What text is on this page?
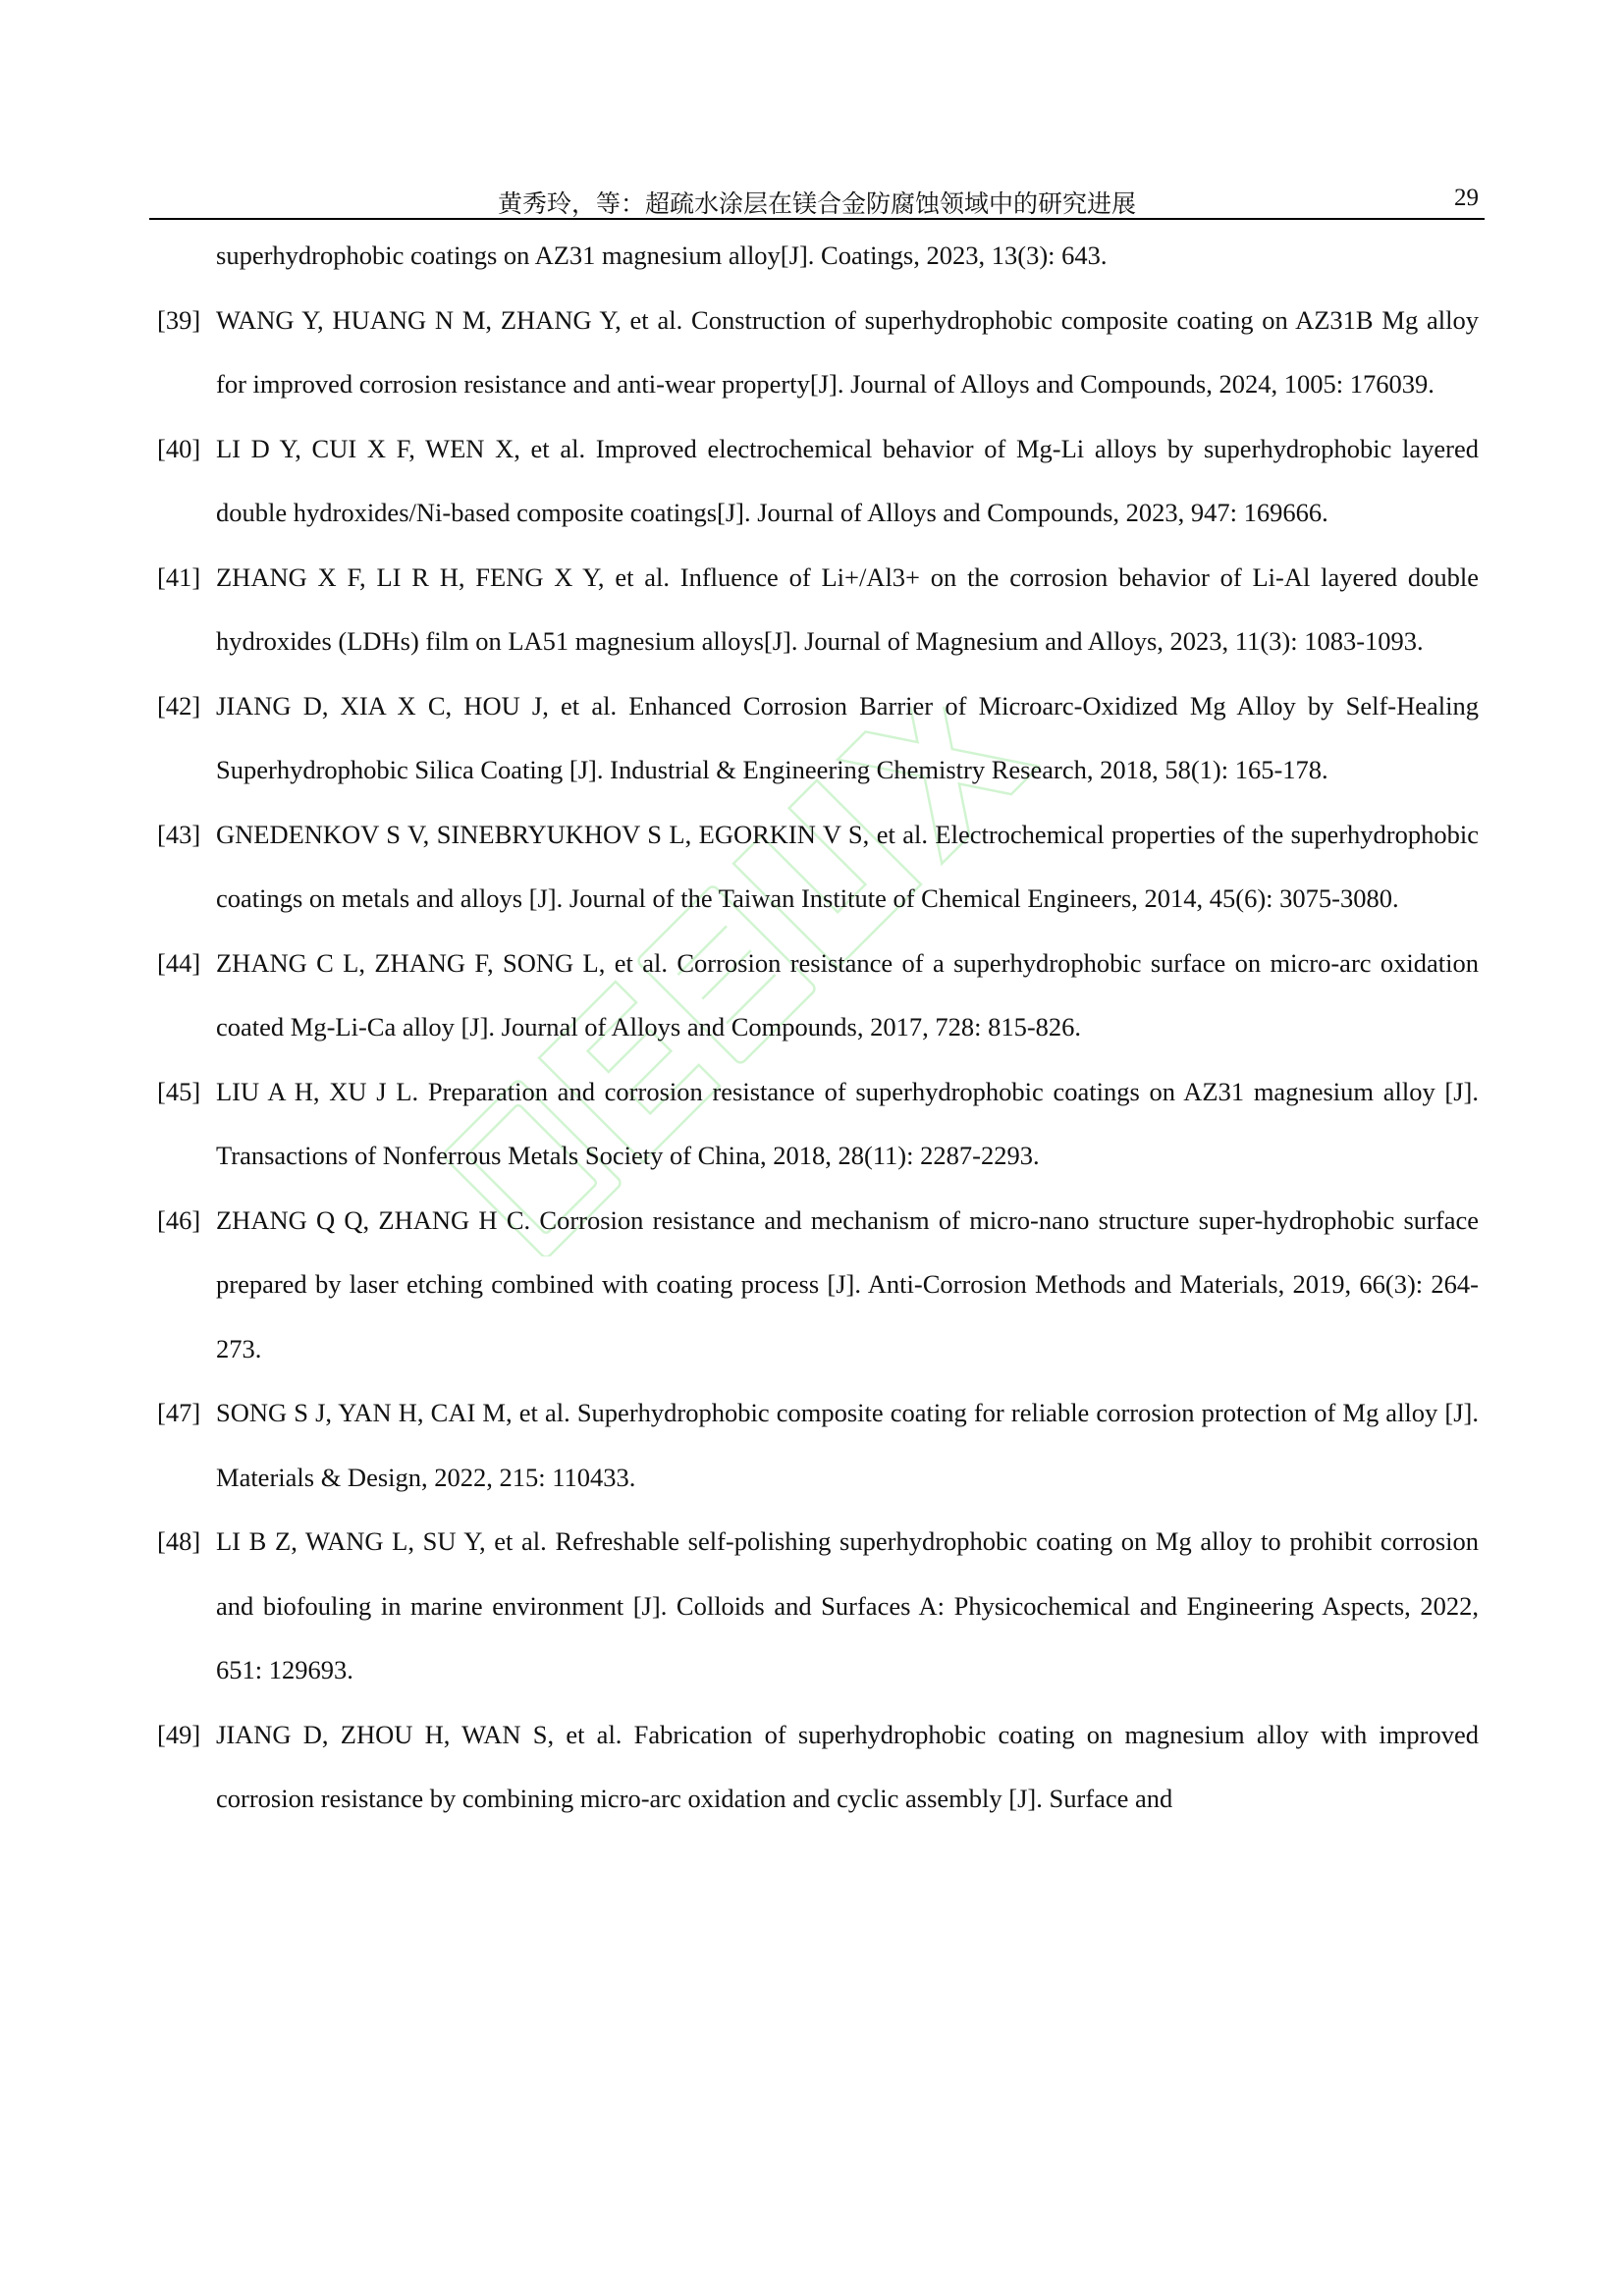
黄秀玲，等：超疏水涂层在镁合金防腐蚀领域中的研究进展	29
superhydrophobic coatings on AZ31 magnesium alloy[J]. Coatings, 2023, 13(3): 643.
[39] WANG Y, HUANG N M, ZHANG Y, et al. Construction of superhydrophobic composite coating on AZ31B Mg alloy for improved corrosion resistance and anti-wear property[J]. Journal of Alloys and Compounds, 2024, 1005: 176039.
[40] LI D Y, CUI X F, WEN X, et al. Improved electrochemical behavior of Mg-Li alloys by superhydrophobic layered double hydroxides/Ni-based composite coatings[J]. Journal of Alloys and Compounds, 2023, 947: 169666.
[41] ZHANG X F, LI R H, FENG X Y, et al. Influence of Li+/Al3+ on the corrosion behavior of Li-Al layered double hydroxides (LDHs) film on LA51 magnesium alloys[J]. Journal of Magnesium and Alloys, 2023, 11(3): 1083-1093.
[42] JIANG D, XIA X C, HOU J, et al. Enhanced Corrosion Barrier of Microarc-Oxidized Mg Alloy by Self-Healing Superhydrophobic Silica Coating [J]. Industrial & Engineering Chemistry Research, 2018, 58(1): 165-178.
[43] GNEDENKOV S V, SINEBRYUKHOV S L, EGORKIN V S, et al. Electrochemical properties of the superhydrophobic coatings on metals and alloys [J]. Journal of the Taiwan Institute of Chemical Engineers, 2014, 45(6): 3075-3080.
[44] ZHANG C L, ZHANG F, SONG L, et al. Corrosion resistance of a superhydrophobic surface on micro-arc oxidation coated Mg-Li-Ca alloy [J]. Journal of Alloys and Compounds, 2017, 728: 815-826.
[45] LIU A H, XU J L. Preparation and corrosion resistance of superhydrophobic coatings on AZ31 magnesium alloy [J]. Transactions of Nonferrous Metals Society of China, 2018, 28(11): 2287-2293.
[46] ZHANG Q Q, ZHANG H C. Corrosion resistance and mechanism of micro-nano structure super-hydrophobic surface prepared by laser etching combined with coating process [J]. Anti-Corrosion Methods and Materials, 2019, 66(3): 264-273.
[47] SONG S J, YAN H, CAI M, et al. Superhydrophobic composite coating for reliable corrosion protection of Mg alloy [J]. Materials & Design, 2022, 215: 110433.
[48] LI B Z, WANG L, SU Y, et al. Refreshable self-polishing superhydrophobic coating on Mg alloy to prohibit corrosion and biofouling in marine environment [J]. Colloids and Surfaces A: Physicochemical and Engineering Aspects, 2022, 651: 129693.
[49] JIANG D, ZHOU H, WAN S, et al. Fabrication of superhydrophobic coating on magnesium alloy with improved corrosion resistance by combining micro-arc oxidation and cyclic assembly [J]. Surface and
